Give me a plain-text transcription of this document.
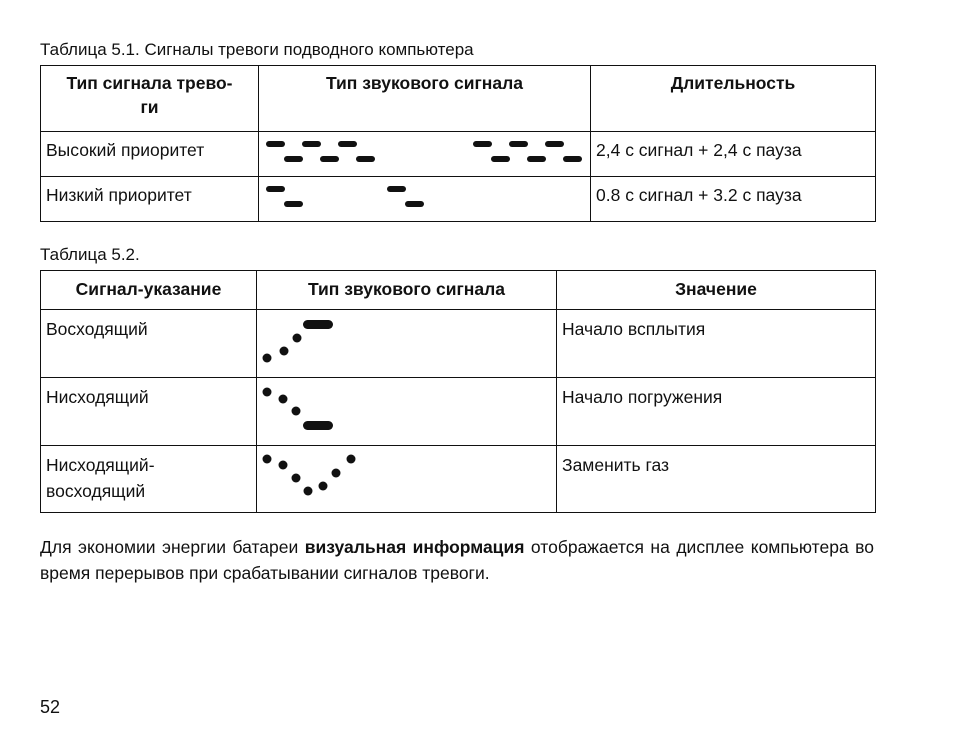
Таблица 5.1. Сигналы тревоги подводного компьютера
Тип сигнала трево-
ги	Тип звукового сигнала	Длительность
Высокий приоритет		2,4 с сигнал + 2,4 с пауза
Низкий приоритет		0.8 с сигнал + 3.2 с пауза
Таблица 5.2.
Сигнал-указание	Тип звукового сигнала	Значение
Восходящий		Начало всплытия
Нисходящий		Начало погружения
Нисходящий-
восходящий		Заменить газ

Для экономии энергии батареи визуальная информация отображается на дисплее компьютера во время перерывов при срабатывании сигналов тревоги.

52
